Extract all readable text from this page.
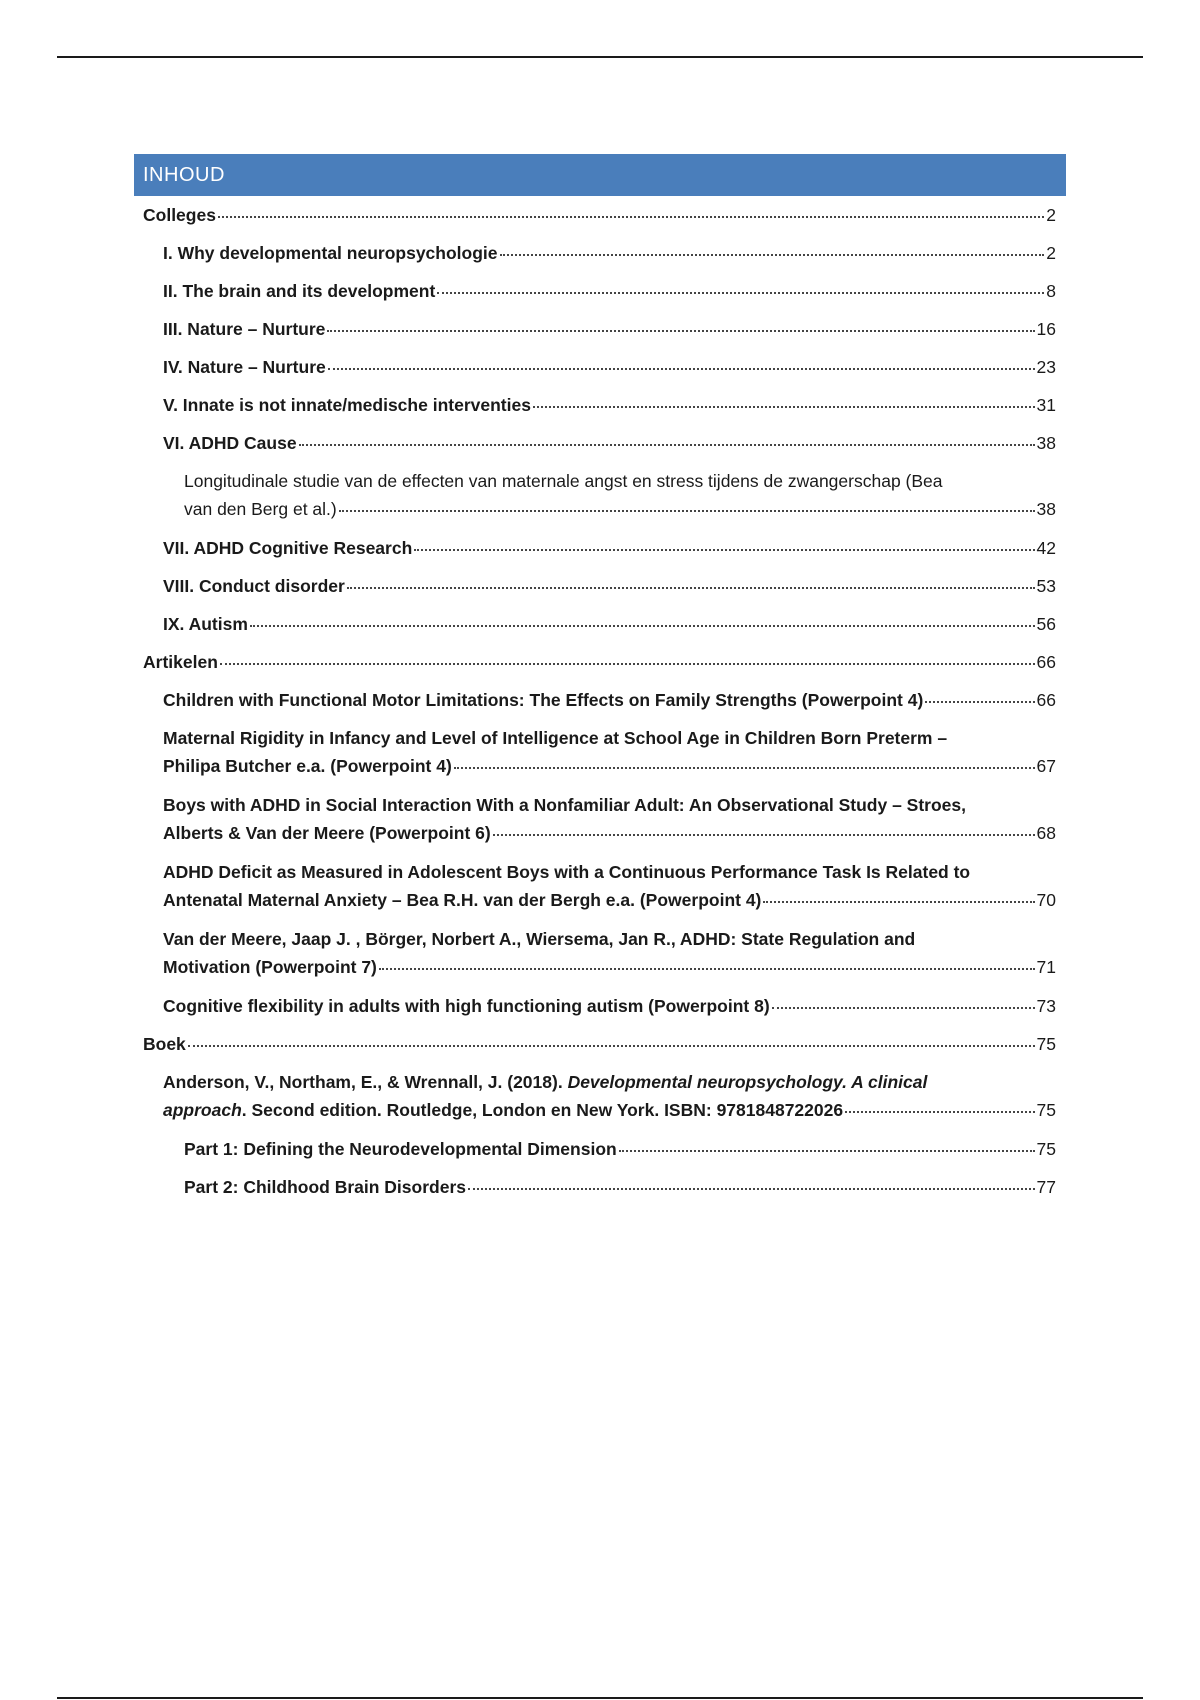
INHOUD
Colleges	2
I. Why developmental neuropsychologie	2
II. The brain and its development	8
III. Nature – Nurture	16
IV. Nature – Nurture	23
V. Innate is not innate/medische interventies	31
VI. ADHD Cause	38
Longitudinale studie van de effecten van maternale angst en stress tijdens de zwangerschap (Bea
van den Berg et al.)	38
VII. ADHD Cognitive Research	42
VIII. Conduct disorder	53
IX. Autism	56
Artikelen	66
Children with Functional Motor Limitations: The Effects on Family Strengths (Powerpoint 4)	66
Maternal Rigidity in Infancy and Level of Intelligence at School Age in Children Born Preterm –
Philipa Butcher e.a. (Powerpoint 4)	67
Boys with ADHD in Social Interaction With a Nonfamiliar Adult: An Observational Study – Stroes,
Alberts & Van der Meere (Powerpoint 6)	68
ADHD Deficit as Measured in Adolescent Boys with a Continuous Performance Task Is Related to
Antenatal Maternal Anxiety – Bea R.H. van der Bergh e.a. (Powerpoint 4)	70
Van der Meere, Jaap J. , Börger, Norbert A., Wiersema, Jan R., ADHD: State Regulation and
Motivation (Powerpoint 7)	71
Cognitive flexibility in adults with high functioning autism (Powerpoint 8)	73
Boek	75
Anderson, V., Northam, E., & Wrennall, J. (2018). Developmental neuropsychology. A clinical
approach. Second edition. Routledge, London en New York. ISBN: 9781848722026	75
Part 1: Defining the Neurodevelopmental Dimension	75
Part 2: Childhood Brain Disorders	77
